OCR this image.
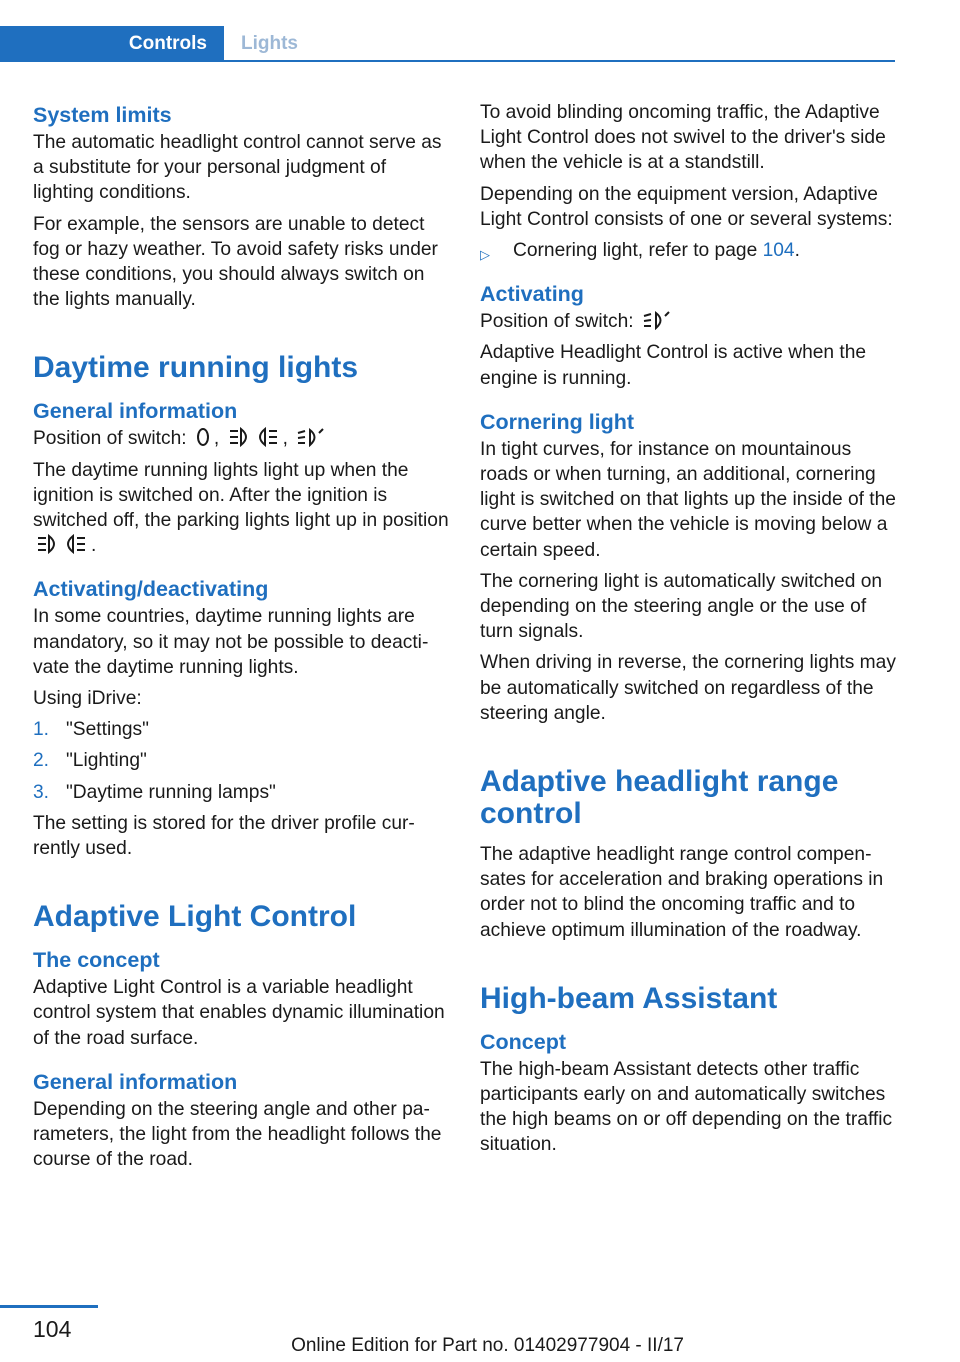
Controls	Lights
System limits

The automatic headlight control cannot serve as a substitute for your personal judgment of lighting conditions.

For example, the sensors are unable to detect fog or hazy weather. To avoid safety risks under these conditions, you should always switch on the lights manually.

Daytime running lights
General information

Position of switch: ,	,

The daytime running lights light up when the ignition is switched on. After the ignition is switched off, the parking lights light up in position .

Activating/deactivating

In some countries, daytime running lights are mandatory, so it may not be possible to deactivate the daytime running lights.

Using iDrive:

1. "Settings"
2. "Lighting"
3. "Daytime running lamps"

The setting is stored for the driver profile currently used.

Adaptive Light Control
The concept

Adaptive Light Control is a variable headlight control system that enables dynamic illumination of the road surface.

General information

Depending on the steering angle and other parameters, the light from the headlight follows the course of the road.

To avoid blinding oncoming traffic, the Adaptive Light Control does not swivel to the driver's side when the vehicle is at a standstill.

Depending on the equipment version, Adaptive Light Control consists of one or several systems:

▷ Cornering light, refer to page 104.
Activating

Position of switch:

Adaptive Headlight Control is active when the engine is running.

Cornering light

In tight curves, for instance on mountainous roads or when turning, an additional, cornering light is switched on that lights up the inside of the curve better when the vehicle is moving below a certain speed.

The cornering light is automatically switched on depending on the steering angle or the use of turn signals.

When driving in reverse, the cornering lights may be automatically switched on regardless of the steering angle.

Adaptive headlight range control

The adaptive headlight range control compensates for acceleration and braking operations in order not to blind the oncoming traffic and to achieve optimum illumination of the roadway.

High-beam Assistant
Concept

The high-beam Assistant detects other traffic participants early on and automatically switches the high beams on or off depending on the traffic situation.

104
Online Edition for Part no. 01402977904 - II/17
